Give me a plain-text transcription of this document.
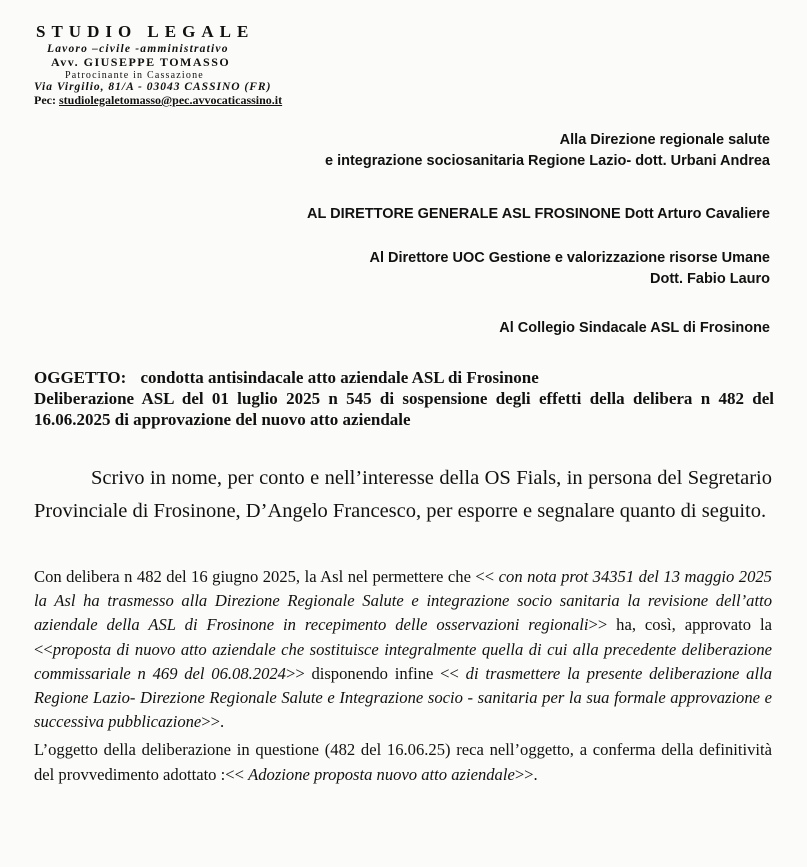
STUDIO LEGALE
Lavoro –civile -amministrativo
Avv. GIUSEPPE TOMASSO
Patrocinante in Cassazione
Via Virgilio, 81/A - 03043 CASSINO (FR)
Pec: studiolegaletomasso@pec.avvocaticassino.it
Alla Direzione regionale salute
e integrazione sociosanitaria Regione Lazio- dott. Urbani Andrea
AL DIRETTORE GENERALE ASL FROSINONE Dott Arturo Cavaliere
Al Direttore UOC Gestione e valorizzazione risorse Umane
Dott. Fabio Lauro
Al Collegio Sindacale ASL di Frosinone
OGGETTO: condotta antisindacale atto aziendale ASL di Frosinone
Deliberazione ASL del 01 luglio 2025 n 545 di sospensione degli effetti della delibera n 482 del 16.06.2025 di approvazione del nuovo atto aziendale

Scrivo in nome, per conto e nell’interesse della OS Fials, in persona del Segretario Provinciale di Frosinone, D’Angelo Francesco, per esporre e segnalare quanto di seguito.

Con delibera n 482 del 16 giugno 2025, la Asl nel permettere che << con nota prot 34351 del 13 maggio 2025 la Asl ha trasmesso alla Direzione Regionale Salute e integrazione socio sanitaria la revisione dell’atto aziendale della ASL di Frosinone in recepimento delle osservazioni regionali>> ha, così, approvato la <<proposta di nuovo atto aziendale che sostituisce integralmente quella di cui alla precedente deliberazione commissariale n 469 del 06.08.2024>> disponendo infine << di trasmettere la presente deliberazione alla Regione Lazio- Direzione Regionale Salute e Integrazione socio - sanitaria per la sua formale approvazione e successiva pubblicazione>>.

L’oggetto della deliberazione in questione (482 del 16.06.25) reca nell’oggetto, a conferma della definitività del provvedimento adottato :<< Adozione proposta nuovo atto aziendale>>.
